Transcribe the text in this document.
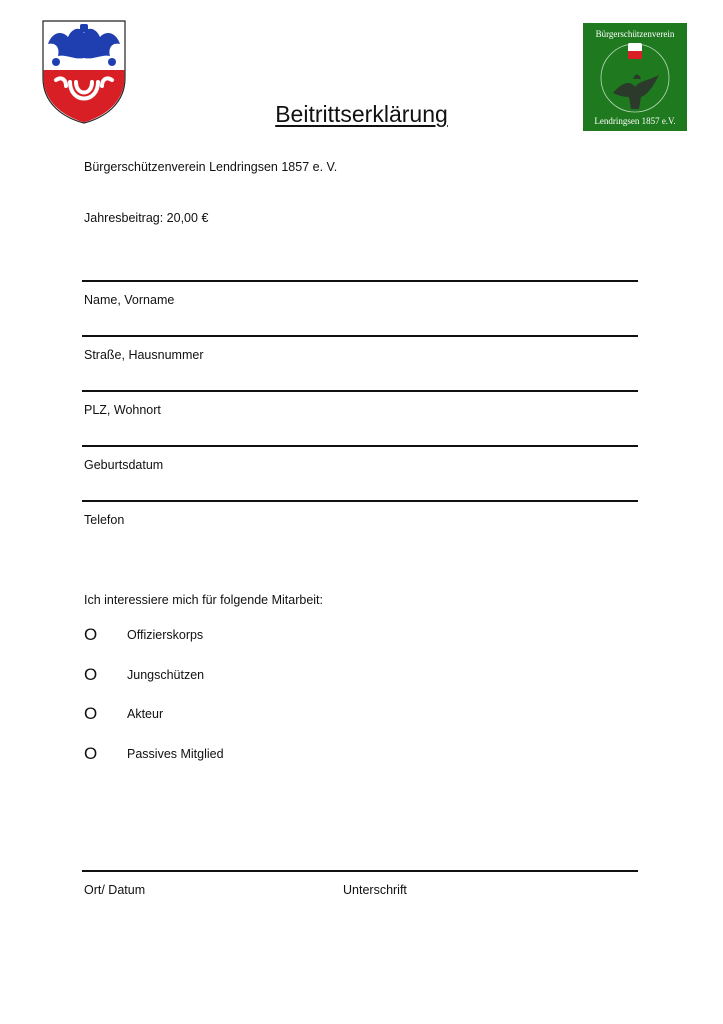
Bürgerschützenverein
Lendringsen 1857 e.V.
Beitrittserklärung
Bürgerschützenverein Lendringsen 1857 e. V.
Jahresbeitrag: 20,00 €
Name, Vorname
Straße, Hausnummer
PLZ, Wohnort
Geburtsdatum
Telefon
Ich interessiere mich für folgende Mitarbeit:
O Offizierskorps
O Jungschützen
O Akteur
O Passives Mitglied
Ort/ Datum	Unterschrift
